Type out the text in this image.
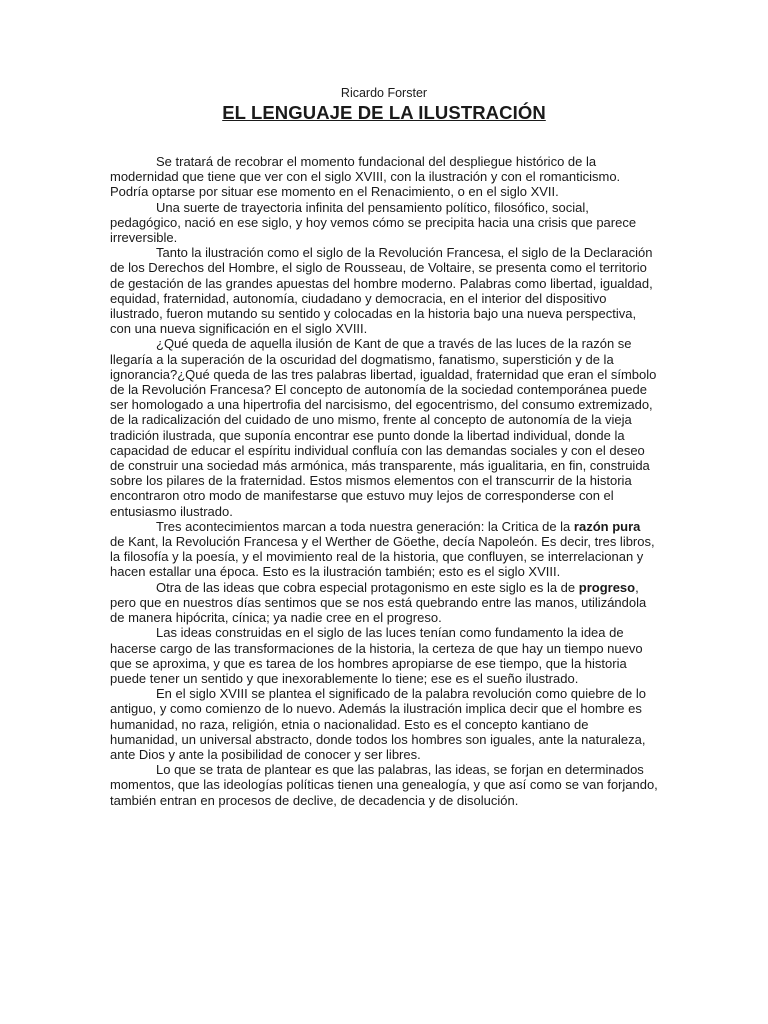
Ricardo Forster

EL LENGUAJE DE LA ILUSTRACIÓN

Se tratará de recobrar el momento fundacional del despliegue histórico de la modernidad que tiene que ver con el siglo XVIII, con la ilustración y con el romanticismo. Podría optarse por situar ese momento en el Renacimiento, o en el siglo XVII.

Una suerte de trayectoria infinita del pensamiento político, filosófico, social, pedagógico, nació en ese siglo, y hoy vemos cómo se precipita hacia una crisis que parece irreversible.

Tanto la ilustración como el siglo de la Revolución Francesa, el siglo de la Declaración de los Derechos del Hombre, el siglo de Rousseau, de Voltaire, se presenta como el territorio de gestación de las grandes apuestas del hombre moderno. Palabras como libertad, igualdad, equidad, fraternidad, autonomía, ciudadano y democracia, en el interior del dispositivo ilustrado, fueron mutando su sentido y colocadas en la historia bajo una nueva perspectiva, con una nueva significación en el siglo XVIII.

¿Qué queda de aquella ilusión de Kant de que a través de las luces de la razón se llegaría a la superación de la oscuridad del dogmatismo, fanatismo, superstición y de la ignorancia?¿Qué queda de las tres palabras libertad, igualdad, fraternidad que eran el símbolo de la Revolución Francesa? El concepto de autonomía de la sociedad contemporánea puede ser homologado a una hipertrofia del narcisismo, del egocentrismo, del consumo extremizado, de la radicalización del cuidado de uno mismo, frente al concepto de autonomía de la vieja tradición ilustrada, que suponía encontrar ese punto donde la libertad individual, donde la capacidad de educar el espíritu individual confluía con las demandas sociales y con el deseo de construir una sociedad más armónica, más transparente, más igualitaria, en fin, construida sobre los pilares de la fraternidad. Estos mismos elementos con el transcurrir de la historia encontraron otro modo de manifestarse que estuvo muy lejos de corresponderse con el entusiasmo ilustrado.

Tres acontecimientos marcan a toda nuestra generación: la Critica de la razón pura de Kant, la Revolución Francesa y el Werther de Göethe, decía Napoleón. Es decir, tres libros, la filosofía y la poesía, y el movimiento real de la historia, que confluyen, se interrelacionan y hacen estallar una época. Esto es la ilustración también; esto es el siglo XVIII.

Otra de las ideas que cobra especial protagonismo en este siglo es la de progreso, pero que en nuestros días sentimos que se nos está quebrando entre las manos, utilizándola de manera hipócrita, cínica; ya nadie cree en el progreso.

Las ideas construidas en el siglo de las luces tenían como fundamento la idea de hacerse cargo de las transformaciones de la historia, la certeza de que hay un tiempo nuevo que se aproxima, y que es tarea de los hombres apropiarse de ese tiempo, que la historia puede tener un sentido y que inexorablemente lo tiene; ese es el sueño ilustrado.

En el siglo XVIII se plantea el significado de la palabra revolución como quiebre de lo antiguo, y como comienzo de lo nuevo. Además la ilustración implica decir que el hombre es humanidad, no raza, religión, etnia o nacionalidad. Esto es el concepto kantiano de humanidad, un universal abstracto, donde todos los hombres son iguales, ante la naturaleza, ante Dios y ante la posibilidad de conocer y ser libres.

Lo que se trata de plantear es que las palabras, las ideas, se forjan en determinados momentos, que las ideologías políticas tienen una genealogía, y que así como se van forjando, también entran en procesos de declive, de decadencia y de disolución.
